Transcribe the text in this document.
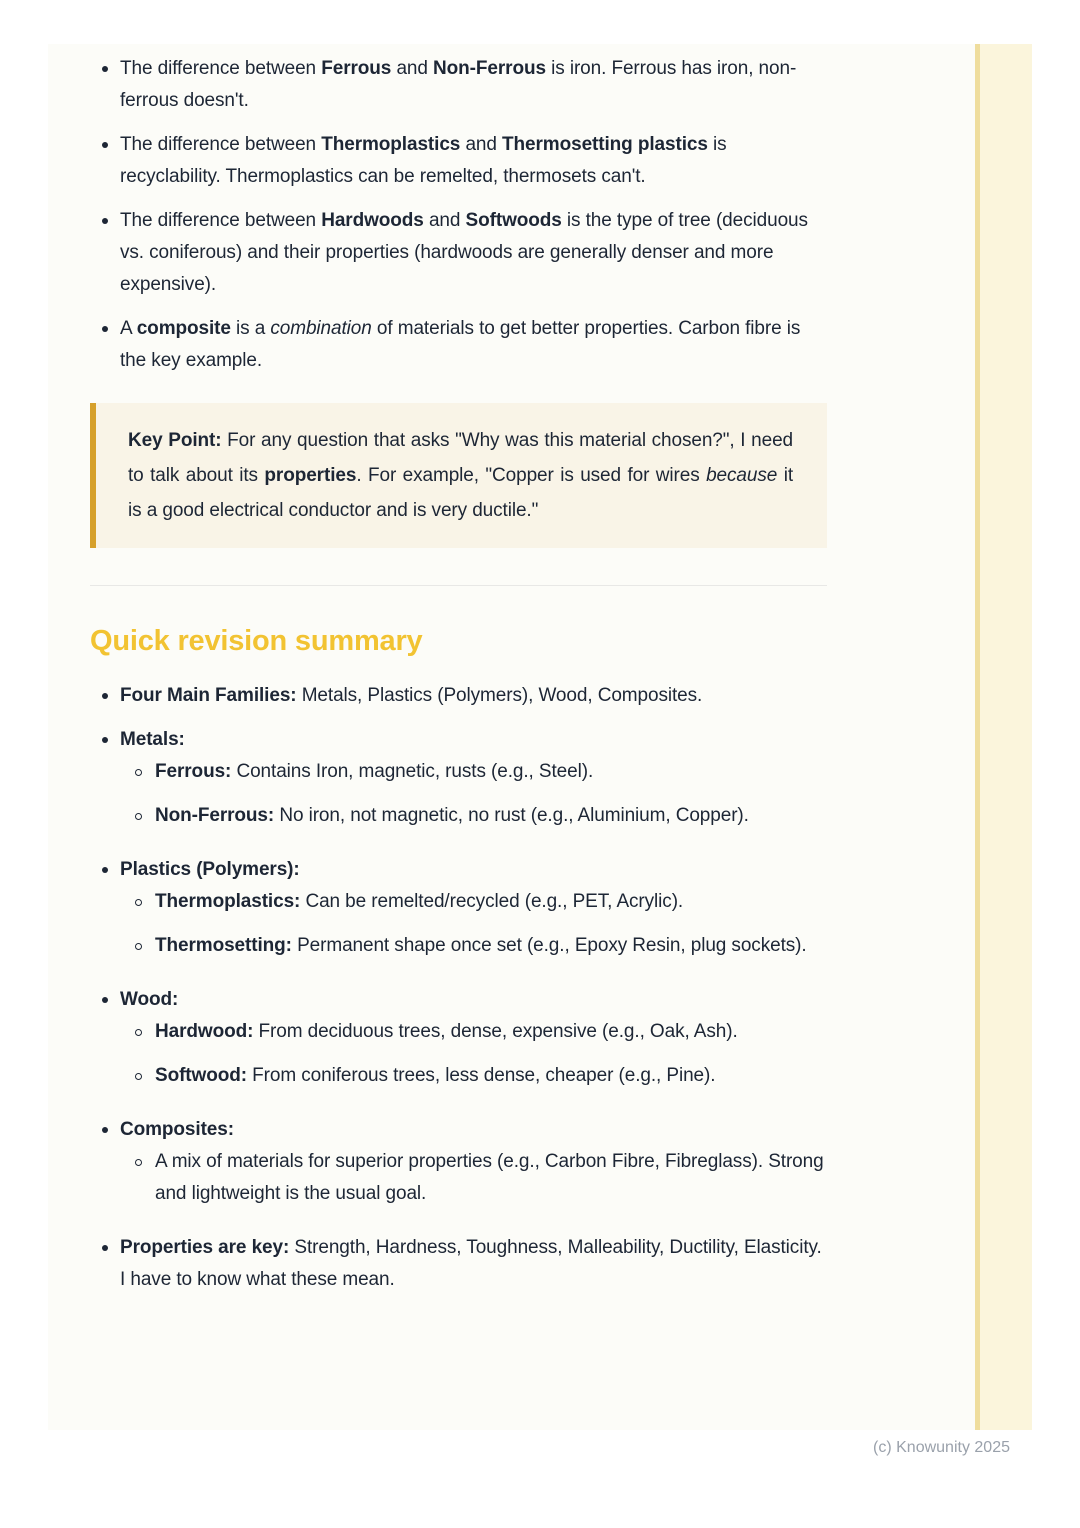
The difference between Ferrous and Non-Ferrous is iron. Ferrous has iron, non-ferrous doesn't.
The difference between Thermoplastics and Thermosetting plastics is recyclability. Thermoplastics can be remelted, thermosets can't.
The difference between Hardwoods and Softwoods is the type of tree (deciduous vs. coniferous) and their properties (hardwoods are generally denser and more expensive).
A composite is a combination of materials to get better properties. Carbon fibre is the key example.

Key Point: For any question that asks "Why was this material chosen?", I need to talk about its properties. For example, "Copper is used for wires because it is a good electrical conductor and is very ductile."

Quick revision summary
Four Main Families: Metals, Plastics (Polymers), Wood, Composites.
Metals:
Ferrous: Contains Iron, magnetic, rusts (e.g., Steel).
Non-Ferrous: No iron, not magnetic, no rust (e.g., Aluminium, Copper).
Plastics (Polymers):
Thermoplastics: Can be remelted/recycled (e.g., PET, Acrylic).
Thermosetting: Permanent shape once set (e.g., Epoxy Resin, plug sockets).
Wood:
Hardwood: From deciduous trees, dense, expensive (e.g., Oak, Ash).
Softwood: From coniferous trees, less dense, cheaper (e.g., Pine).
Composites:
A mix of materials for superior properties (e.g., Carbon Fibre, Fibreglass). Strong and lightweight is the usual goal.
Properties are key: Strength, Hardness, Toughness, Malleability, Ductility, Elasticity. I have to know what these mean.
(c) Knowunity 2025
